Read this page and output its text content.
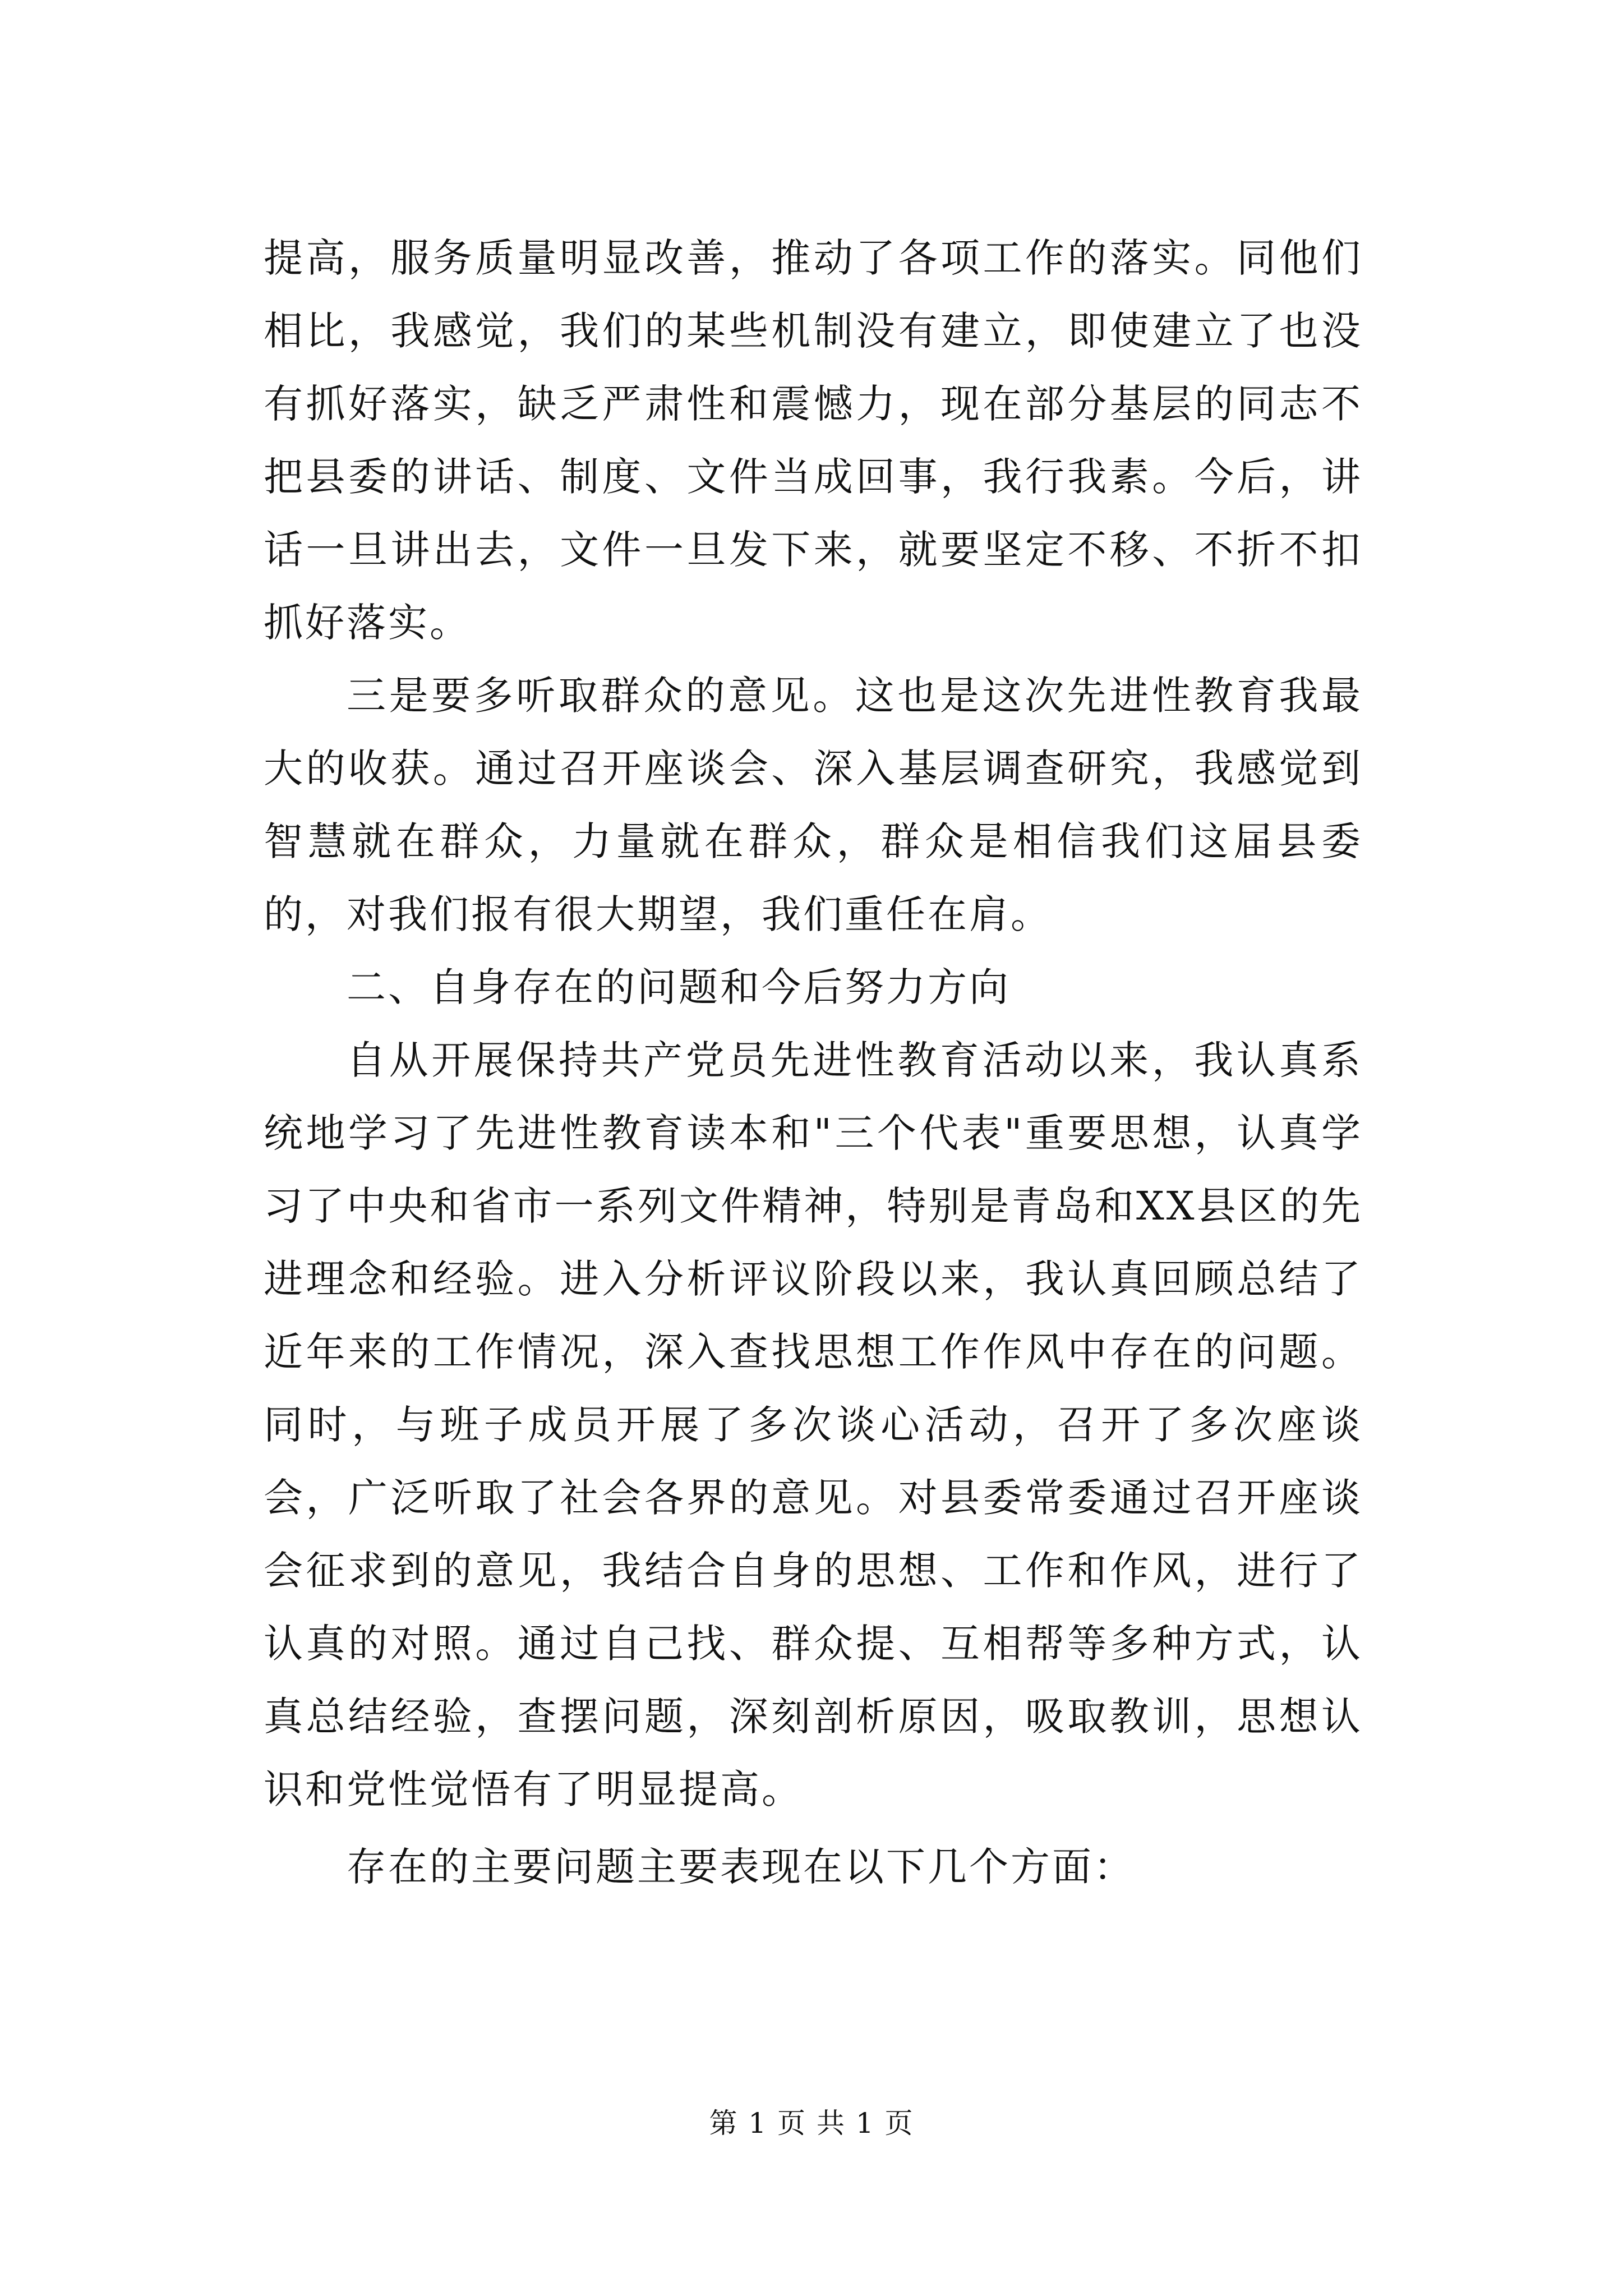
提高，服务质量明显改善，推动了各项工作的落实。同他们相比，我感觉，我们的某些机制没有建立，即使建立了也没有抓好落实，缺乏严肃性和震憾力，现在部分基层的同志不把县委的讲话、制度、文件当成回事，我行我素。今后，讲话一旦讲出去，文件一旦发下来，就要坚定不移、不折不扣抓好落实。

三是要多听取群众的意见。这也是这次先进性教育我最大的收获。通过召开座谈会、深入基层调查研究，我感觉到智慧就在群众，力量就在群众，群众是相信我们这届县委的，对我们报有很大期望，我们重任在肩。

二、自身存在的问题和今后努力方向

自从开展保持共产党员先进性教育活动以来，我认真系统地学习了先进性教育读本和"三个代表"重要思想，认真学习了中央和省市一系列文件精神，特别是青岛和XX县区的先进理念和经验。进入分析评议阶段以来，我认真回顾总结了近年来的工作情况，深入查找思想工作作风中存在的问题。同时，与班子成员开展了多次谈心活动，召开了多次座谈会，广泛听取了社会各界的意见。对县委常委通过召开座谈会征求到的意见，我结合自身的思想、工作和作风，进行了认真的对照。通过自己找、群众提、互相帮等多种方式，认真总结经验，查摆问题，深刻剖析原因，吸取教训，思想认识和党性觉悟有了明显提高。

存在的主要问题主要表现在以下几个方面：

第 1 页 共 1 页
